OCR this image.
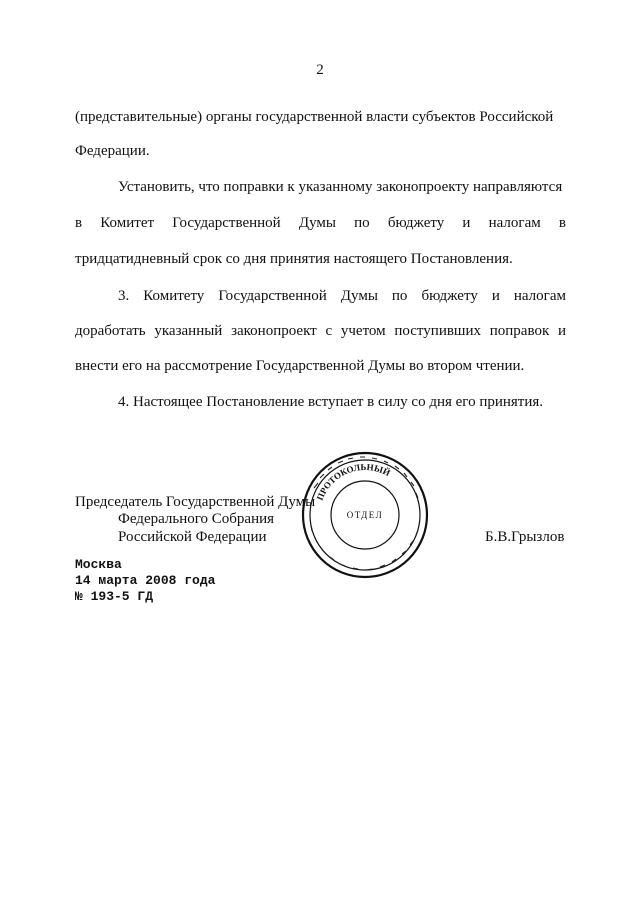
2
(представительные) органы государственной власти субъектов Российской
Федерации.
Установить, что поправки к указанному законопроекту направляются
в Комитет Государственной Думы по бюджету и налогам в
тридцатидневный срок со дня принятия настоящего Постановления.
3. Комитету Государственной Думы по бюджету и налогам
доработать указанный законопроект с учетом поступивших поправок и
внести его на рассмотрение Государственной Думы во втором чтении.
4. Настоящее Постановление вступает в силу со дня его принятия.
Председатель Государственной Думы
Федерального Собрания
Российской Федерации	Б.В.Грызлов
Москва
14 марта 2008 года
№ 193-5 ГД
ПРОТОКОЛЬНЫЙ
ОТДЕЛ
